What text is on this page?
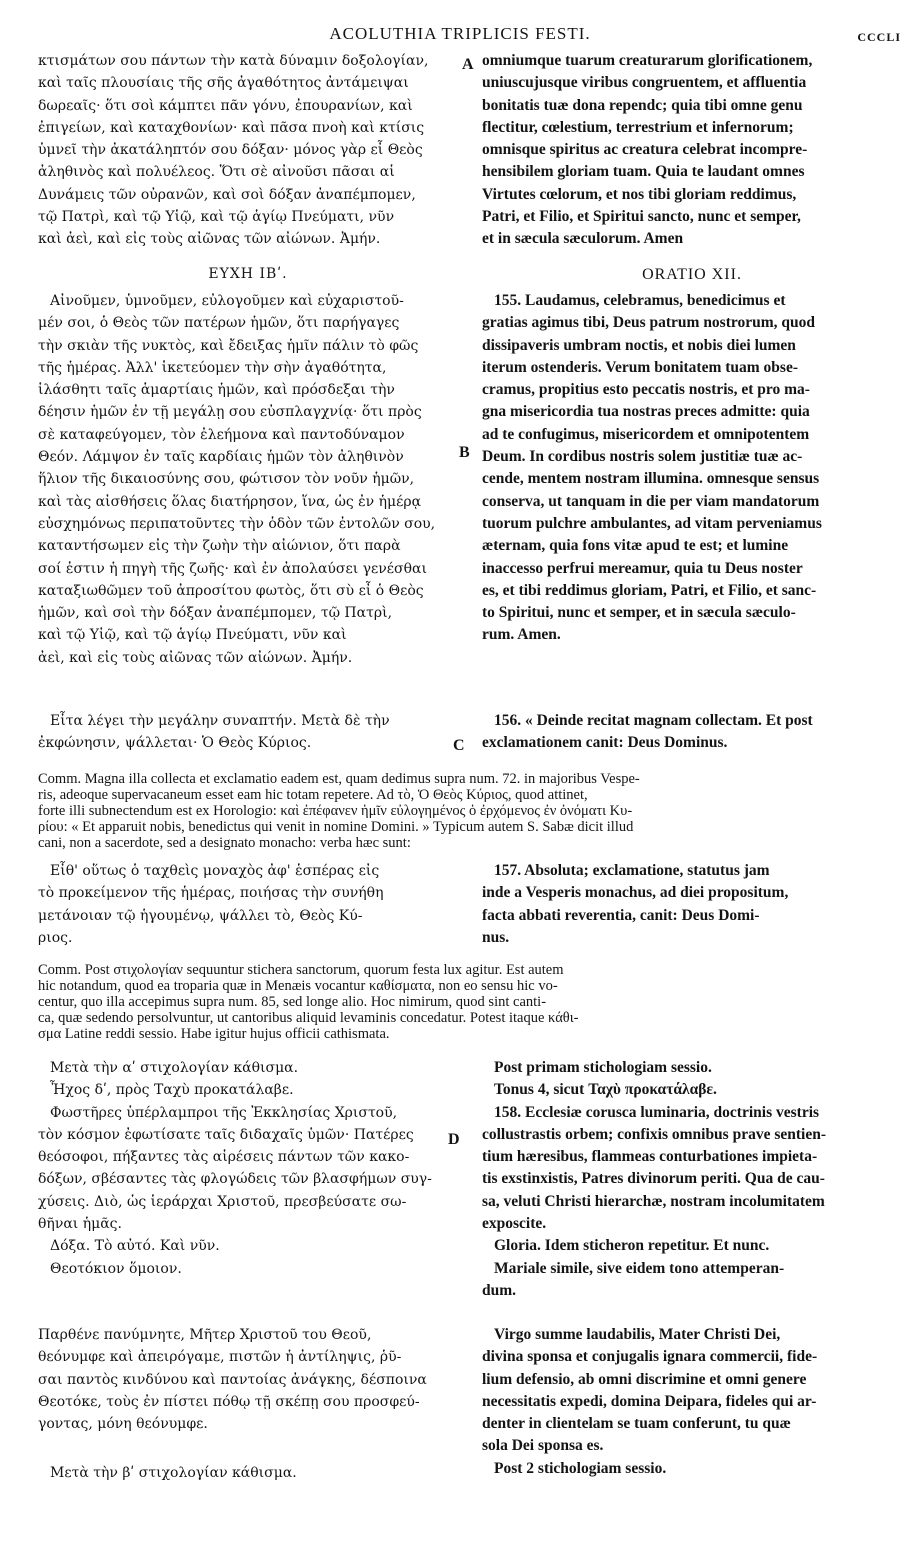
ACOLUTHIA TRIPLICIS FESTI.	CCCLI
A
B
C
D
κτισμάτων σου πάντων τὴν κατὰ δύναμιν δοξολογίαν,
καὶ ταῖς πλουσίαις τῆς σῆς ἀγαθότητος ἀντάμειψαι
δωρεαῖς· ὅτι σοὶ κάμπτει πᾶν γόνυ, ἐπουρανίων, καὶ
ἐπιγείων, καὶ καταχθονίων· καὶ πᾶσα πνοὴ καὶ κτίσις
ὑμνεῖ τὴν ἀκατάληπτόν σου δόξαν· μόνος γὰρ εἶ Θεὸς
ἀληθινὸς καὶ πολυέλεος. Ὅτι σὲ αἰνοῦσι πᾶσαι αἱ
Δυνάμεις τῶν οὐρανῶν, καὶ σοὶ δόξαν ἀναπέμπομεν,
τῷ Πατρὶ, καὶ τῷ Υἱῷ, καὶ τῷ ἁγίῳ Πνεύματι, νῦν
καὶ ἀεὶ, καὶ εἰς τοὺς αἰῶνας τῶν αἰώνων. Ἀμήν.
omniumque tuarum creaturarum glorificationem,
uniuscujusque viribus congruentem, et affluentia
bonitatis tuæ dona rependc; quia tibi omne genu
flectitur, cœlestium, terrestrium et infernorum;
omnisque spiritus ac creatura celebrat incompre-
hensibilem gloriam tuam. Quia te laudant omnes
Virtutes cœlorum, et nos tibi gloriam reddimus,
Patri, et Filio, et Spiritui sancto, nunc et semper,
et in sæcula sæculorum. Amen
ΕΥΧΗ ΙΒʹ.	ORATIO XII.
Αἰνοῦμεν, ὑμνοῦμεν, εὐλογοῦμεν καὶ εὐχαριστοῦ-
μέν σοι, ὁ Θεὸς τῶν πατέρων ἡμῶν, ὅτι παρήγαγες
τὴν σκιὰν τῆς νυκτὸς, καὶ ἔδειξας ἡμῖν πάλιν τὸ φῶς
τῆς ἡμέρας. Ἀλλ' ἱκετεύομεν τὴν σὴν ἀγαθότητα,
ἱλάσθητι ταῖς ἁμαρτίαις ἡμῶν, καὶ πρόσδεξαι τὴν
δέησιν ἡμῶν ἐν τῇ μεγάλῃ σου εὐσπλαγχνίᾳ· ὅτι πρὸς
σὲ καταφεύγομεν, τὸν ἐλεήμονα καὶ παντοδύναμον
Θεόν. Λάμψον ἐν ταῖς καρδίαις ἡμῶν τὸν ἀληθινὸν
ἥλιον τῆς δικαιοσύνης σου, φώτισον τὸν νοῦν ἡμῶν,
καὶ τὰς αἰσθήσεις ὅλας διατήρησον, ἵνα, ὡς ἐν ἡμέρᾳ
εὐσχημόνως περιπατοῦντες τὴν ὁδὸν τῶν ἐντολῶν σου,
καταντήσωμεν εἰς τὴν ζωὴν τὴν αἰώνιον, ὅτι παρὰ
σοί ἐστιν ἡ πηγὴ τῆς ζωῆς· καὶ ἐν ἀπολαύσει γενέσθαι
καταξιωθῶμεν τοῦ ἀπροσίτου φωτὸς, ὅτι σὺ εἶ ὁ Θεὸς
ἡμῶν, καὶ σοὶ τὴν δόξαν ἀναπέμπομεν, τῷ Πατρὶ,
καὶ τῷ Υἱῷ, καὶ τῷ ἁγίῳ Πνεύματι, νῦν καὶ
ἀεὶ, καὶ εἰς τοὺς αἰῶνας τῶν αἰώνων. Ἀμήν.
155. Laudamus, celebramus, benedicimus et
gratias agimus tibi, Deus patrum nostrorum, quod
dissipaveris umbram noctis, et nobis diei lumen
iterum ostenderis. Verum bonitatem tuam obse-
cramus, propitius esto peccatis nostris, et pro ma-
gna misericordia tua nostras preces admitte: quia
ad te confugimus, misericordem et omnipotentem
Deum. In cordibus nostris solem justitiæ tuæ ac-
cende, mentem nostram illumina. omnesque sensus
conserva, ut tanquam in die per viam mandatorum
tuorum pulchre ambulantes, ad vitam perveniamus
æternam, quia fons vitæ apud te est; et lumine
inaccesso perfrui mereamur, quia tu Deus noster
es, et tibi reddimus gloriam, Patri, et Filio, et sanc-
to Spiritui, nunc et semper, et in sæcula sæculo-
rum. Amen.
Εἶτα λέγει τὴν μεγάλην συναπτήν. Μετὰ δὲ τὴν
ἐκφώνησιν, ψάλλεται· Ὁ Θεὸς Κύριος.
156. « Deinde recitat magnam collectam. Et post
exclamationem canit: Deus Dominus.
Comm. Magna illa collecta et exclamatio eadem est, quam dedimus supra num. 72. in majoribus Vespe-
ris, adeoque supervacaneum esset eam hic totam repetere. Ad τὸ, Ὁ Θεὸς Κύριος, quod attinet,
forte illi subnectendum est ex Horologio: καὶ ἐπέφανεν ἡμῖν εὐλογημένος ὁ ἐρχόμενος ἐν ὀνόματι Κυ-
ρίου: « Et apparuit nobis, benedictus qui venit in nomine Domini. » Typicum autem S. Sabæ dicit illud
cani, non a sacerdote, sed a designato monacho: verba hæc sunt:
Εἶθ' οὕτως ὁ ταχθεὶς μοναχὸς ἀφ' ἑσπέρας εἰς
τὸ προκείμενον τῆς ἡμέρας, ποιήσας τὴν συνήθη
μετάνοιαν τῷ ἡγουμένῳ, ψάλλει τὸ, Θεὸς Κύ-
ριος.
157. Absoluta; exclamatione, statutus jam
inde a Vesperis monachus, ad diei propositum,
facta abbati reverentia, canit: Deus Domi-
nus.
Comm. Post στιχολογίαν sequuntur stichera sanctorum, quorum festa lux agitur. Est autem
hic notandum, quod ea troparia quæ in Menæis vocantur καθίσματα, non eo sensu hic vo-
centur, quo illa accepimus supra num. 85, sed longe alio. Hoc nimirum, quod sint canti-
ca, quæ sedendo persolvuntur, ut cantoribus aliquid levaminis concedatur. Potest itaque κάθι-
σμα Latine reddi sessio. Habe igitur hujus officii cathismata.
Μετὰ τὴν αʹ στιχολογίαν κάθισμα.
Ἦχος δʹ, πρὸς Ταχὺ προκατάλαβε.
Φωστῆρες ὑπέρλαμπροι τῆς Ἐκκλησίας Χριστοῦ,
τὸν κόσμον ἐφωτίσατε ταῖς διδαχαῖς ὑμῶν· Πατέρες
θεόσοφοι, πήξαντες τὰς αἱρέσεις πάντων τῶν κακο-
δόξων, σβέσαντες τὰς φλογώδεις τῶν βλασφήμων συγ-
χύσεις. Διὸ, ὡς ἱεράρχαι Χριστοῦ, πρεσβεύσατε σω-
θῆναι ἡμᾶς.
Δόξα. Τὸ αὐτό. Καὶ νῦν.
Θεοτόκιον ὅμοιον.
Post primam stichologiam sessio.
Tonus 4, sicut Ταχὺ προκατάλαβε.
158. Ecclesiæ corusca luminaria, doctrinis vestris
collustrastis orbem; confixis omnibus prave sentien-
tium hæresibus, flammeas conturbationes impieta-
tis exstinxistis, Patres divinorum periti. Qua de cau-
sa, veluti Christi hierarchæ, nostram incolumitatem
exposcite.
Gloria. Idem sticheron repetitur. Et nunc.
Mariale simile, sive eidem tono attemperan-
dum.
Παρθένε πανύμνητε, Μῆτερ Χριστοῦ του Θεοῦ,
θεόνυμφε καὶ ἀπειρόγαμε, πιστῶν ἡ ἀντίληψις, ῥῦ-
σαι παντὸς κινδύνου καὶ παντοίας ἀνάγκης, δέσποινα
Θεοτόκε, τοὺς ἐν πίστει πόθῳ τῇ σκέπῃ σου προσφεύ-
γοντας, μόνη θεόνυμφε.
Virgo summe laudabilis, Mater Christi Dei,
divina sponsa et conjugalis ignara commercii, fide-
lium defensio, ab omni discrimine et omni genere
necessitatis expedi, domina Deipara, fideles qui ar-
denter in clientelam se tuam conferunt, tu quæ
sola Dei sponsa es.
Μετὰ τὴν βʹ στιχολογίαν κάθισμα.	Post 2 stichologiam sessio.
